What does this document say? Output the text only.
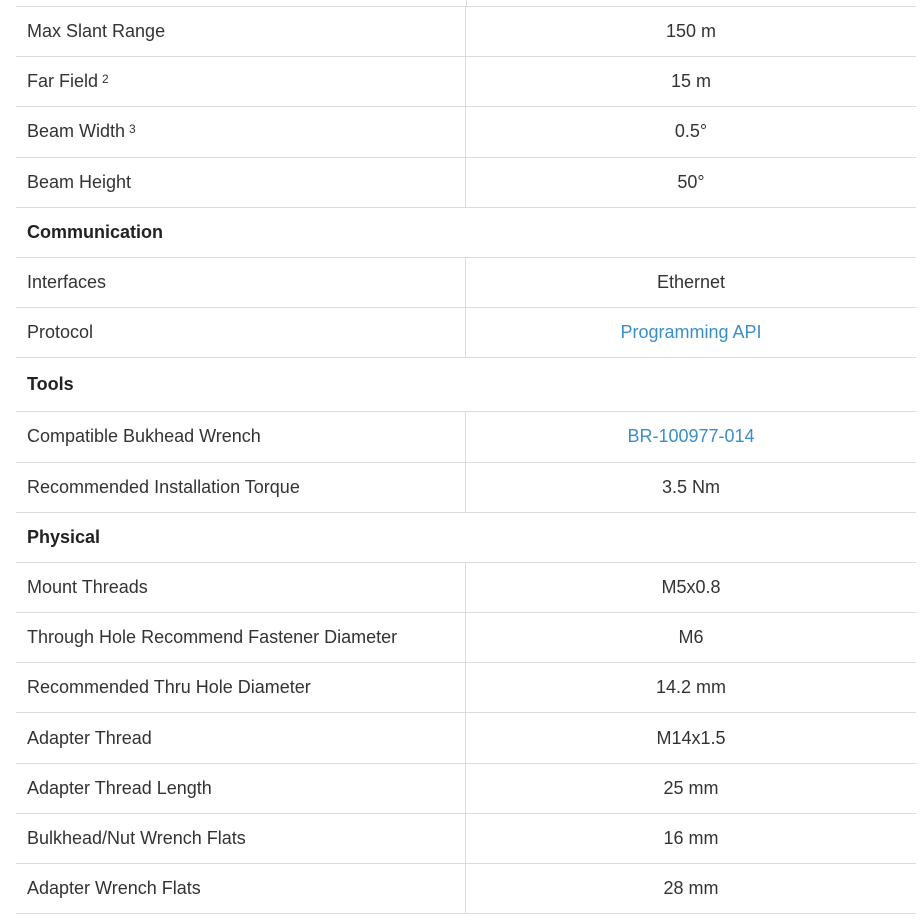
Max Slant Range	150 m
Far Field $^2$	15 m
Beam Width $^3$	0.5°
Beam Height	50°
Communication
Interfaces	Ethernet
Protocol	Programming API
Tools
Compatible Bukhead Wrench	BR-100977-014
Recommended Installation Torque	3.5 Nm
Physical
Mount Threads	M5x0.8
Through Hole Recommend Fastener Diameter	M6
Recommended Thru Hole Diameter	14.2 mm
Adapter Thread	M14x1.5
Adapter Thread Length	25 mm
Bulkhead/Nut Wrench Flats	16 mm
Adapter Wrench Flats	28 mm
